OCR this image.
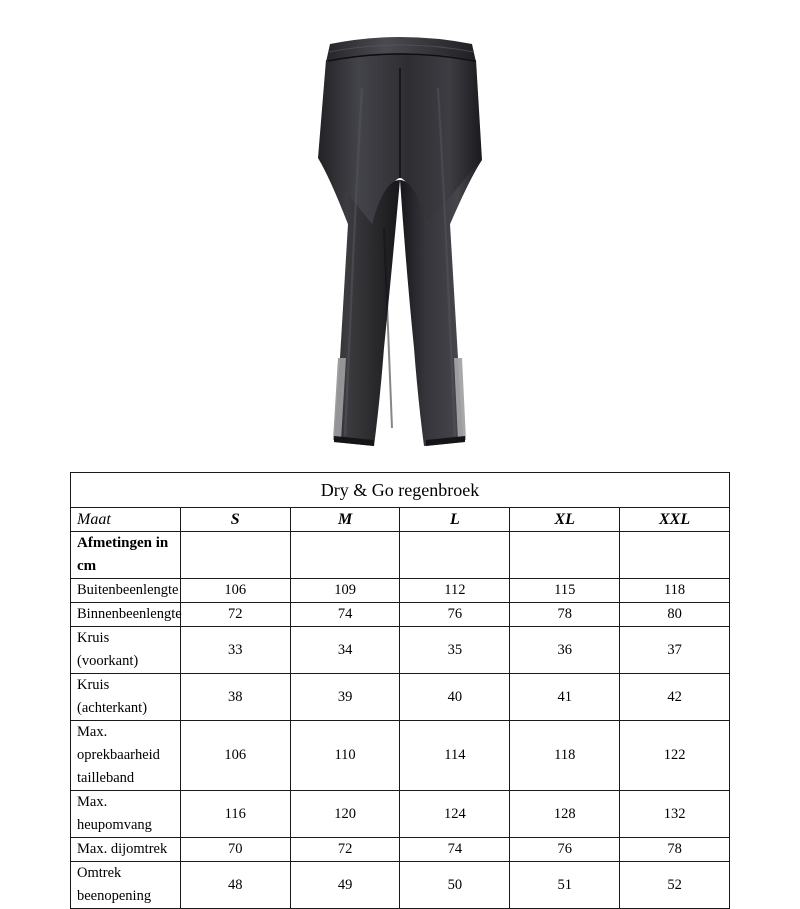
Dry & Go regenbroek					
Maat	S	M	L	XL	XXL
Afmetingen in cm					
Buitenbeenlengte	106	109	112	115	118
Binnenbeenlengte	72	74	76	78	80
Kruis (voorkant)	33	34	35	36	37
Kruis (achterkant)	38	39	40	41	42
Max. oprekbaarheid tailleband	106	110	114	118	122
Max. heupomvang	116	120	124	128	132
Max. dijomtrek	70	72	74	76	78
Omtrek beenopening	48	49	50	51	52
